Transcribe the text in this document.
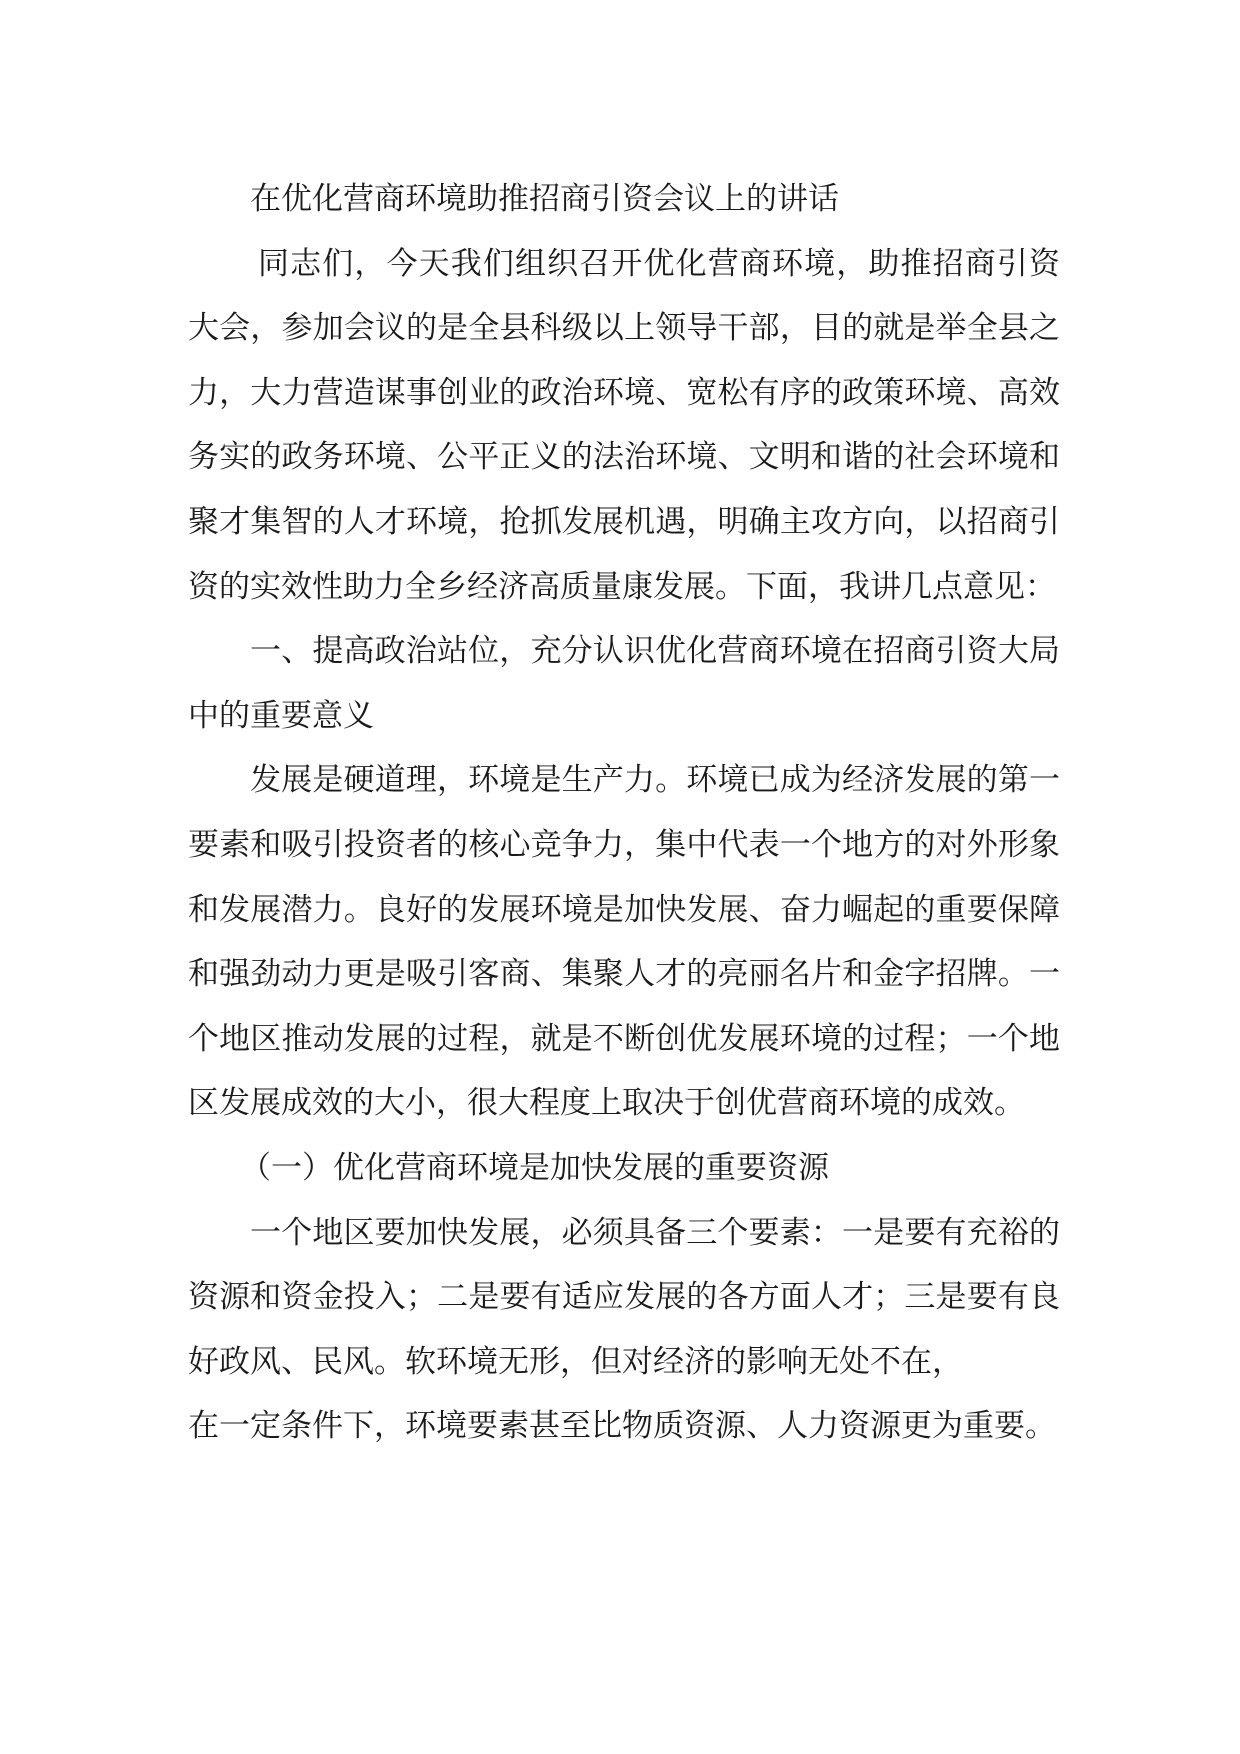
在优化营商环境助推招商引资会议上的讲话

同志们，今天我们组织召开优化营商环境，助推招商引资大会，参加会议的是全县科级以上领导干部，目的就是举全县之力，大力营造谋事创业的政治环境、宽松有序的政策环境、高效务实的政务环境、公平正义的法治环境、文明和谐的社会环境和聚才集智的人才环境，抢抓发展机遇，明确主攻方向，以招商引资的实效性助力全乡经济高质量康发展。下面，我讲几点意见：

一、提高政治站位，充分认识优化营商环境在招商引资大局中的重要意义

发展是硬道理，环境是生产力。环境已成为经济发展的第一要素和吸引投资者的核心竞争力，集中代表一个地方的对外形象和发展潜力。良好的发展环境是加快发展、奋力崛起的重要保障和强劲动力更是吸引客商、集聚人才的亮丽名片和金字招牌。一个地区推动发展的过程，就是不断创优发展环境的过程；一个地区发展成效的大小，很大程度上取决于创优营商环境的成效。

（一）优化营商环境是加快发展的重要资源

一个地区要加快发展，必须具备三个要素：一是要有充裕的资源和资金投入；二是要有适应发展的各方面人才；三是要有良好政风、民风。软环境无形，但对经济的影响无处不在，

在一定条件下，环境要素甚至比物质资源、人力资源更为重要。
